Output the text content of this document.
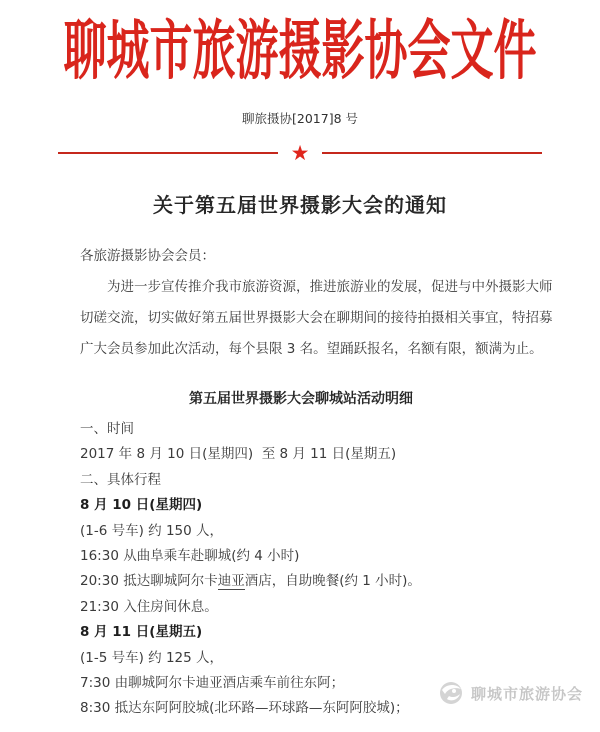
聊城市旅游摄影协会文件
聊旅摄协[2017]8 号
★
关于第五届世界摄影大会的通知
各旅游摄影协会会员：
为进一步宣传推介我市旅游资源，推进旅游业的发展，促进与中外摄影大师
切磋交流，切实做好第五届世界摄影大会在聊期间的接待拍摄相关事宜，特招募
广大会员参加此次活动，每个县限 3 名。望踊跃报名，名额有限，额满为止。
第五届世界摄影大会聊城站活动明细
一、时间
2017 年 8 月 10 日(星期四)  至 8 月 11 日(星期五)
二、具体行程
8 月 10 日(星期四)
(1-6 号车) 约 150 人，
16:30 从曲阜乘车赴聊城(约 4 小时)
20:30 抵达聊城阿尔卡迪亚酒店，自助晚餐(约 1 小时)。
21:30 入住房间休息。
8 月 11 日(星期五)
(1-5 号车) 约 125 人，
7:30 由聊城阿尔卡迪亚酒店乘车前往东阿；
8:30 抵达东阿阿胶城(北环路—环球路—东阿阿胶城)；
聊城市旅游协会
